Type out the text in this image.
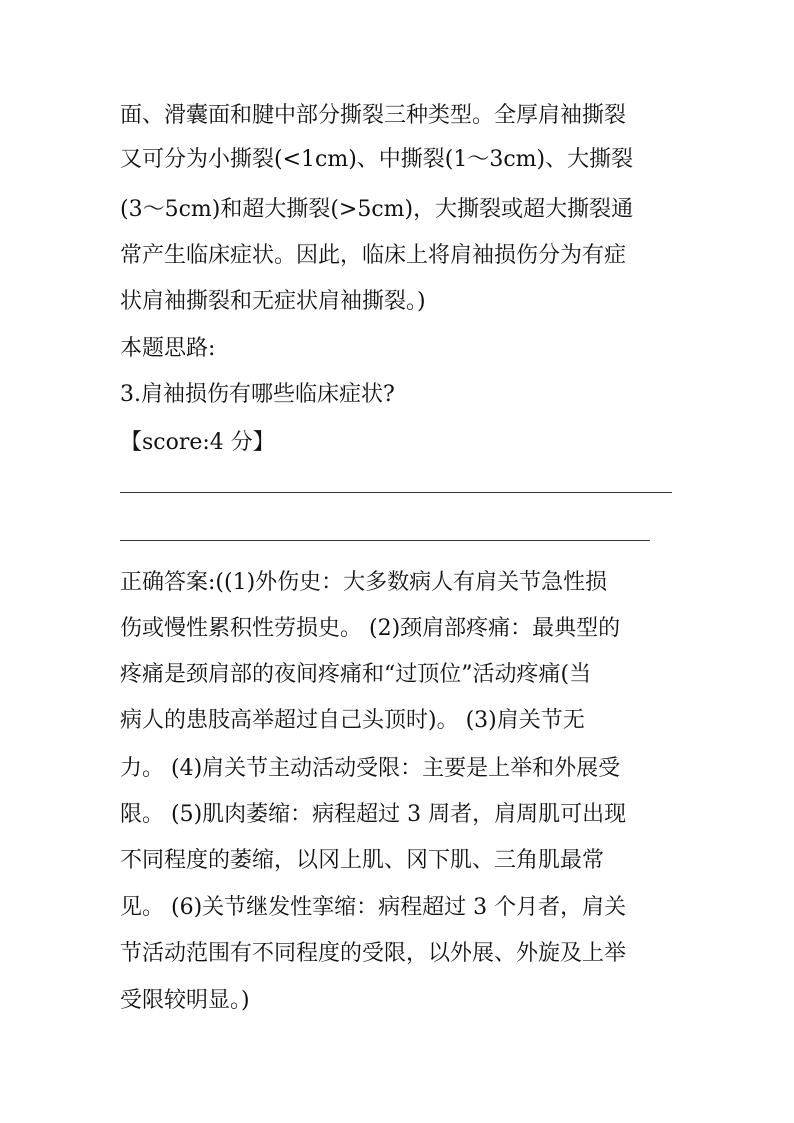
面、滑囊面和腱中部分撕裂三种类型。全厚肩袖撕裂
又可分为小撕裂(<1cm)、中撕裂(1～3cm)、大撕裂
(3～5cm)和超大撕裂(>5cm)，大撕裂或超大撕裂通
常产生临床症状。因此，临床上将肩袖损伤分为有症
状肩袖撕裂和无症状肩袖撕裂。)
本题思路:
3.肩袖损伤有哪些临床症状?
【score:4 分】
正确答案:((1)外伤史：大多数病人有肩关节急性损
伤或慢性累积性劳损史。 (2)颈肩部疼痛：最典型的
疼痛是颈肩部的夜间疼痛和“过顶位”活动疼痛(当
病人的患肢高举超过自己头顶时)。 (3)肩关节无
力。 (4)肩关节主动活动受限：主要是上举和外展受
限。 (5)肌肉萎缩：病程超过 3 周者，肩周肌可出现
不同程度的萎缩，以冈上肌、冈下肌、三角肌最常
见。 (6)关节继发性挛缩：病程超过 3 个月者，肩关
节活动范围有不同程度的受限，以外展、外旋及上举
受限较明显。)
